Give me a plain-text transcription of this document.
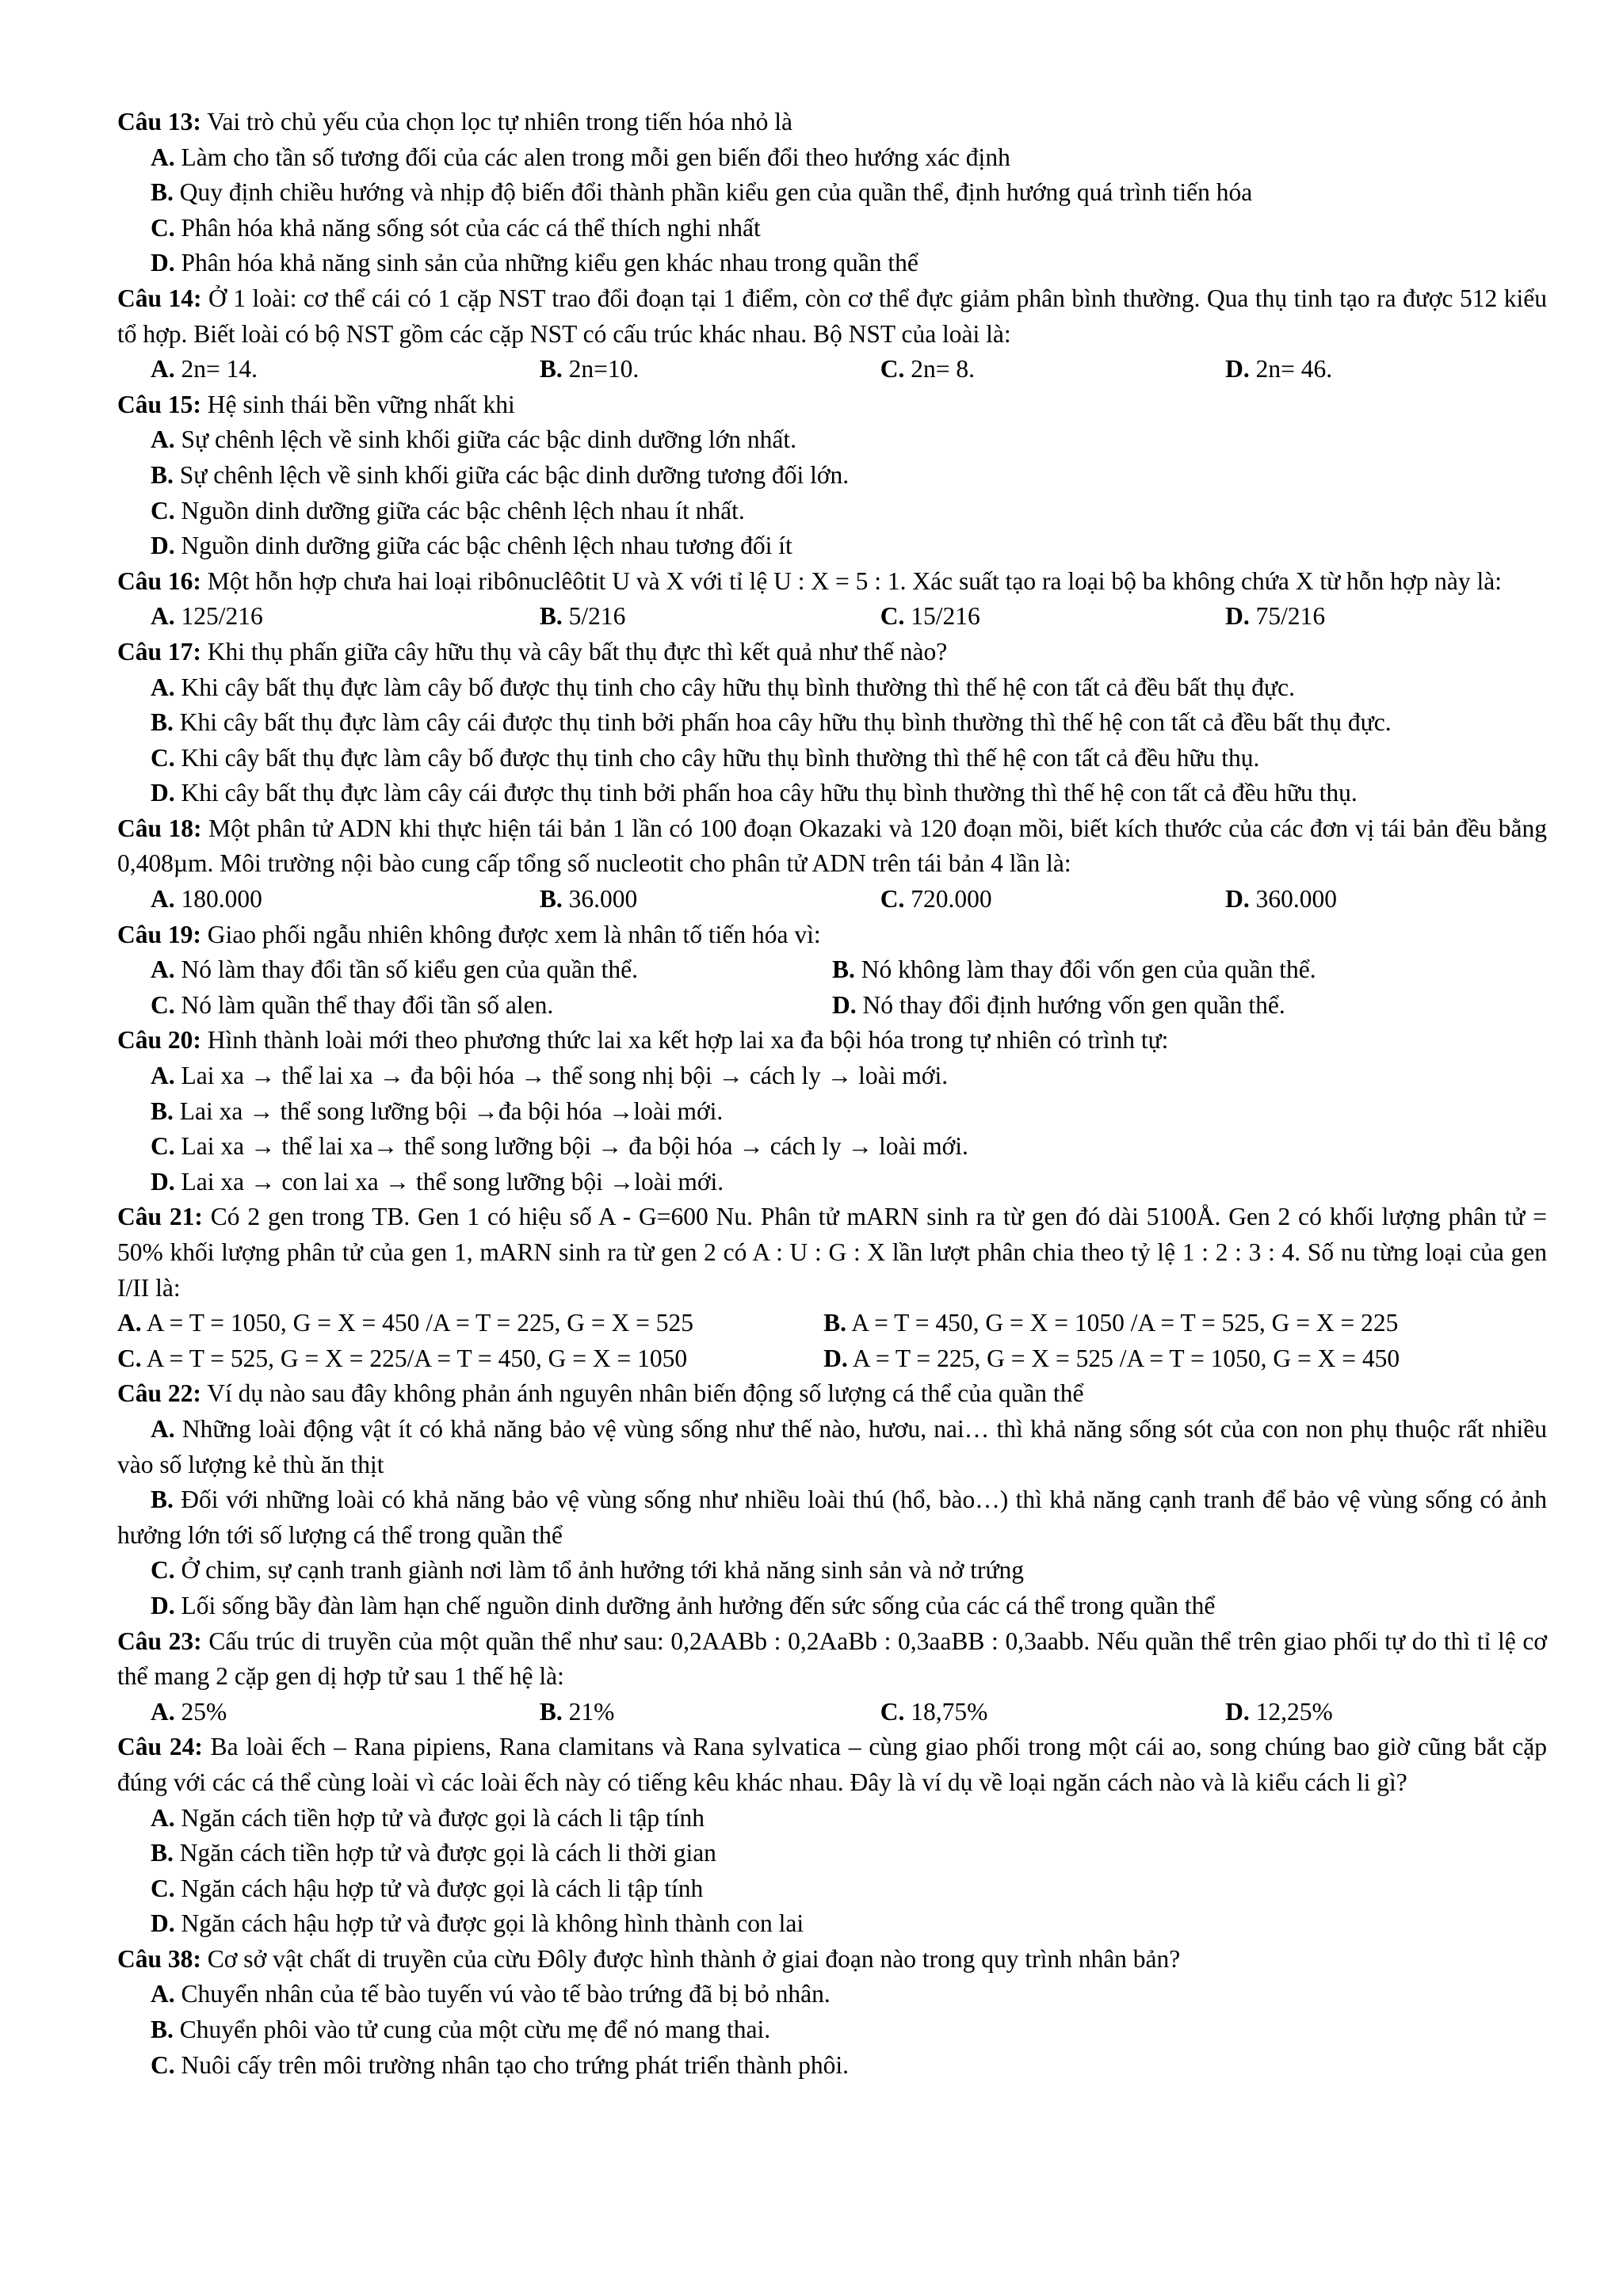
Câu 13: Vai trò chủ yếu của chọn lọc tự nhiên trong tiến hóa nhỏ là
A. Làm cho tần số tương đối của các alen trong mỗi gen biến đổi theo hướng xác định
B. Quy định chiều hướng và nhịp độ biến đổi thành phần kiểu gen của quần thể, định hướng quá trình tiến hóa
C. Phân hóa khả năng sống sót của các cá thể thích nghi nhất
D. Phân hóa khả năng sinh sản của những kiểu gen khác nhau trong quần thể
Câu 14: Ở 1 loài: cơ thể cái có 1 cặp NST trao đổi đoạn tại 1 điểm, còn cơ thể đực giảm phân bình thường. Qua thụ tinh tạo ra được 512 kiểu tổ hợp. Biết loài có bộ NST gồm các cặp NST có cấu trúc khác nhau. Bộ NST của loài là:
A. 2n= 14.	B. 2n=10.	C. 2n= 8.	D. 2n= 46.
Câu 15: Hệ sinh thái bền vững nhất khi
A. Sự chênh lệch về sinh khối giữa các bậc dinh dưỡng lớn nhất.
B. Sự chênh lệch về sinh khối giữa các bậc dinh dưỡng tương đối lớn.
C. Nguồn dinh dưỡng giữa các bậc chênh lệch nhau ít nhất.
D. Nguồn dinh dưỡng giữa các bậc chênh lệch nhau tương đối ít
Câu 16: Một hỗn hợp chưa hai loại ribônuclêôtit U và X với tỉ lệ U : X = 5 : 1. Xác suất tạo ra loại bộ ba không chứa X từ hỗn hợp này là:
A. 125/216	B. 5/216	C. 15/216	D. 75/216
Câu 17: Khi thụ phấn giữa cây hữu thụ và cây bất thụ đực thì kết quả như thế nào?
A. Khi cây bất thụ đực làm cây bố được thụ tinh cho cây hữu thụ bình thường thì thế hệ con tất cả đều bất thụ đực.
B. Khi cây bất thụ đực làm cây cái được thụ tinh bởi phấn hoa cây hữu thụ bình thường thì thế hệ con tất cả đều bất thụ đực.
C. Khi cây bất thụ đực làm cây bố được thụ tinh cho cây hữu thụ bình thường thì thế hệ con tất cả đều hữu thụ.
D. Khi cây bất thụ đực làm cây cái được thụ tinh bởi phấn hoa cây hữu thụ bình thường thì thế hệ con tất cả đều hữu thụ.
Câu 18: Một phân tử ADN khi thực hiện tái bản 1 lần có 100 đoạn Okazaki và 120 đoạn mồi, biết kích thước của các đơn vị tái bản đều bằng 0,408µm. Môi trường nội bào cung cấp tổng số nucleotit cho phân tử ADN trên tái bản 4 lần là:
A. 180.000	B. 36.000	C. 720.000	D. 360.000
Câu 19: Giao phối ngẫu nhiên không được xem là nhân tố tiến hóa vì:
A. Nó làm thay đổi tần số kiểu gen của quần thể.	B. Nó không làm thay đổi vốn gen của quần thể.
C. Nó làm quần thể thay đổi tần số alen.	D. Nó thay đổi định hướng vốn gen quần thể.
Câu 20: Hình thành loài mới theo phương thức lai xa kết hợp lai xa đa bội hóa trong tự nhiên có trình tự:
A. Lai xa → thể lai xa → đa bội hóa → thể song nhị bội → cách ly → loài mới.
B. Lai xa → thể song lưỡng bội →đa bội hóa →loài mới.
C. Lai xa → thể lai xa→ thể song lưỡng bội → đa bội hóa → cách ly → loài mới.
D. Lai xa → con lai xa → thể song lưỡng bội →loài mới.
Câu 21: Có 2 gen trong TB. Gen 1 có hiệu số A - G=600 Nu. Phân tử mARN sinh ra từ gen đó dài 5100Å. Gen 2 có khối lượng phân tử = 50% khối lượng phân tử của gen 1, mARN sinh ra từ gen 2 có A : U : G : X lần lượt phân chia theo tỷ lệ 1 : 2 : 3 : 4. Số nu từng loại của gen I/II là:
A. A = T = 1050, G = X = 450 /A = T = 225, G = X = 525	B. A = T = 450, G = X = 1050 /A = T = 525, G = X = 225
C. A = T = 525, G = X = 225/A = T = 450, G = X = 1050	D. A = T = 225, G = X = 525 /A = T = 1050, G = X = 450
Câu 22: Ví dụ nào sau đây không phản ánh nguyên nhân biến động số lượng cá thể của quần thể
A. Những loài động vật ít có khả năng bảo vệ vùng sống như thế nào, hươu, nai… thì khả năng sống sót của con non phụ thuộc rất nhiều vào số lượng kẻ thù ăn thịt
B. Đối với những loài có khả năng bảo vệ vùng sống như nhiều loài thú (hổ, bào…) thì khả năng cạnh tranh để bảo vệ vùng sống có ảnh hưởng lớn tới số lượng cá thể trong quần thể
C. Ở chim, sự cạnh tranh giành nơi làm tổ ảnh hưởng tới khả năng sinh sản và nở trứng
D. Lối sống bầy đàn làm hạn chế nguồn dinh dưỡng ảnh hưởng đến sức sống của các cá thể trong quần thể
Câu 23: Cấu trúc di truyền của một quần thể như sau: 0,2AABb : 0,2AaBb : 0,3aaBB : 0,3aabb. Nếu quần thể trên giao phối tự do thì tỉ lệ cơ thể mang 2 cặp gen dị hợp tử sau 1 thế hệ là:
A. 25%	B. 21%	C. 18,75%	D. 12,25%
Câu 24: Ba loài ếch – Rana pipiens, Rana clamitans và Rana sylvatica – cùng giao phối trong một cái ao, song chúng bao giờ cũng bắt cặp đúng với các cá thể cùng loài vì các loài ếch này có tiếng kêu khác nhau. Đây là ví dụ về loại ngăn cách nào và là kiểu cách li gì?
A. Ngăn cách tiền hợp tử và được gọi là cách li tập tính
B. Ngăn cách tiền hợp tử và được gọi là cách li thời gian
C. Ngăn cách hậu hợp tử và được gọi là cách li tập tính
D. Ngăn cách hậu hợp tử và được gọi là không hình thành con lai
Câu 38: Cơ sở vật chất di truyền của cừu Đôly được hình thành ở giai đoạn nào trong quy trình nhân bản?
A. Chuyển nhân của tế bào tuyến vú vào tế bào trứng đã bị bỏ nhân.
B. Chuyển phôi vào tử cung của một cừu mẹ để nó mang thai.
C. Nuôi cấy trên môi trường nhân tạo cho trứng phát triển thành phôi.
